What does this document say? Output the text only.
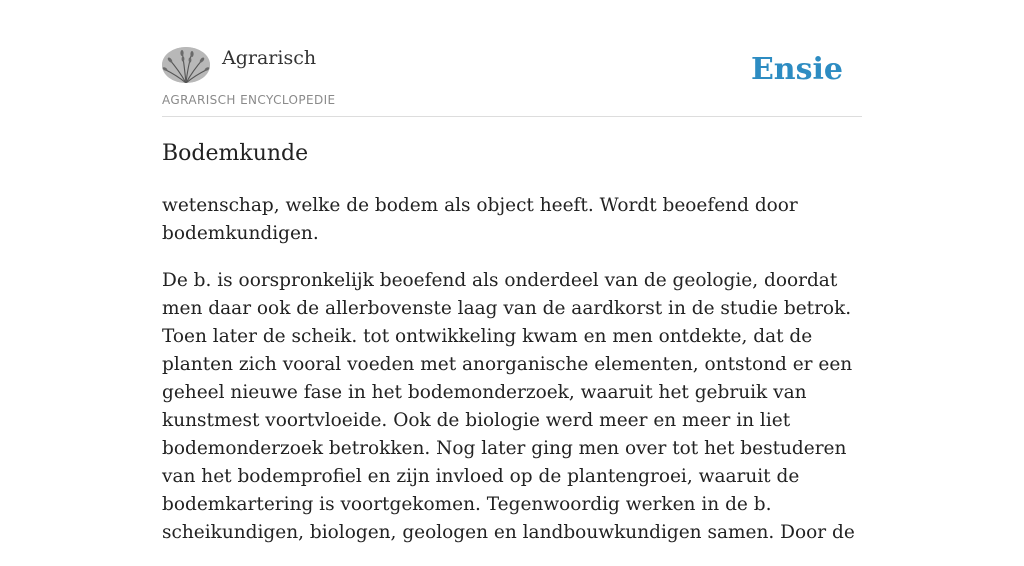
Agrarisch
AGRARISCH ENCYCLOPEDIE
Ensie
Bodemkunde

wetenschap, welke de bodem als object heeft. Wordt beoefend door bodemkundigen.

De b. is oorspronkelijk beoefend als onderdeel van de geologie, doordat men daar ook de allerbovenste laag van de aardkorst in de studie betrok. Toen later de scheik. tot ontwikkeling kwam en men ontdekte, dat de planten zich vooral voeden met anorganische elementen, ontstond er een geheel nieuwe fase in het bodemonderzoek, waaruit het gebruik van kunstmest voortvloeide. Ook de biologie werd meer en meer in liet bodemonderzoek betrokken. Nog later ging men over tot het bestuderen van het bodemprofiel en zijn invloed op de plantengroei, waaruit de bodemkartering is voortgekomen. Tegenwoordig werken in de b. scheikundigen, biologen, geologen en landbouwkundigen samen. Door de
